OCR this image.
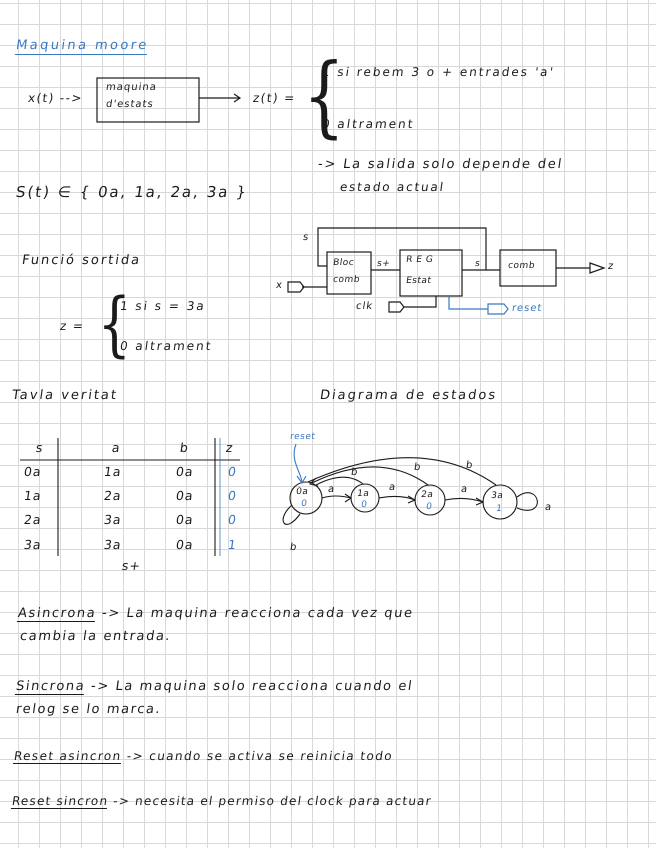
Maquina moore
x(t) -->
maquina
d'estats	z(t) = {
1 si rebem 3 o + entrades 'a'
0 altrament
-> La salida solo depende del
estado actual
S(t) ∈ { 0a, 1a, 2a, 3a }
Funció sortida
z = {
1 si s = 3a
0 altrament
s
Bloc
comb
s+ R E G
Estat
s	comb	z
x
clk	reset
Tavla veritat
s	a	b	z
0a	1a	0a	0
1a	2a	0a	0
2a	3a	0a	0
3a	3a	0a	1
s+
Diagrama de estados
reset
0a
0
1a
0
2a
0
3a
1
a	a	a
a
b	b	b
b
Asincrona -> La maquina reacciona cada vez que
cambia la entrada.
Sincrona -> La maquina solo reacciona cuando el
relog se lo marca.
Reset asincron -> cuando se activa se reinicia todo
Reset sincron -> necesita el permiso del clock para actuar
